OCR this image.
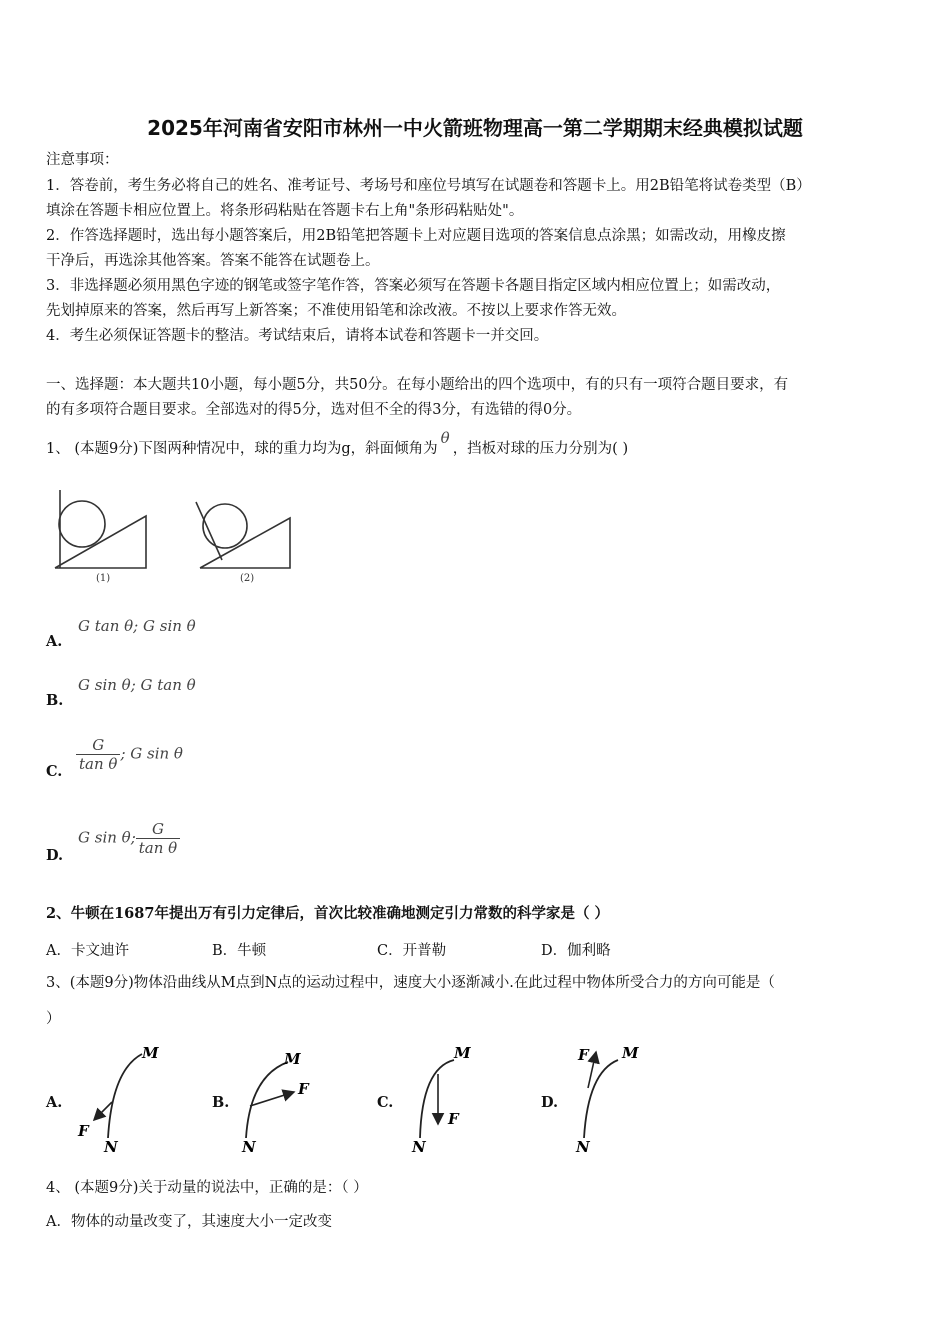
2025年河南省安阳市林州一中火箭班物理高一第二学期期末经典模拟试题
注意事项：
1．答卷前，考生务必将自己的姓名、准考证号、考场号和座位号填写在试题卷和答题卡上。用2B铅笔将试卷类型（B）
填涂在答题卡相应位置上。将条形码粘贴在答题卡右上角"条形码粘贴处"。
2．作答选择题时，选出每小题答案后，用2B铅笔把答题卡上对应题目选项的答案信息点涂黑；如需改动，用橡皮擦
干净后，再选涂其他答案。答案不能答在试题卷上。
3．非选择题必须用黑色字迹的钢笔或签字笔作答，答案必须写在答题卡各题目指定区域内相应位置上；如需改动，
先划掉原来的答案，然后再写上新答案；不准使用铅笔和涂改液。不按以上要求作答无效。
4．考生必须保证答题卡的整洁。考试结束后，请将本试卷和答题卡一并交回。
一、选择题：本大题共10小题，每小题5分，共50分。在每小题给出的四个选项中，有的只有一项符合题目要求，有
的有多项符合题目要求。全部选对的得5分，选对但不全的得3分，有选错的得0分。
1、 (本题9分)下图两种情况中，球的重力均为g，斜面倾角为θ，挡板对球的压力分别为( )
(1)	(2)
A.
G tan θ; G sin θ
B.
G sin θ; G tan θ
C. $\frac{G}{\text{tan θ}}$ ; G sin θ
D.
G sin θ; $\frac{G}{\text{tan θ}}$
2、牛顿在1687年提出万有引力定律后，首次比较准确地测定引力常数的科学家是（ ）
A．卡文迪许	B．牛顿	C．开普勒	D．伽利略
3、(本题9分)物体沿曲线从M点到N点的运动过程中，速度大小逐渐减小.在此过程中物体所受合力的方向可能是（
）
A.	B.	C.	D.
M
N
F
M
N
F
M
N
F
M
N
F
4、 (本题9分)关于动量的说法中，正确的是：（ ）
A．物体的动量改变了，其速度大小一定改变
